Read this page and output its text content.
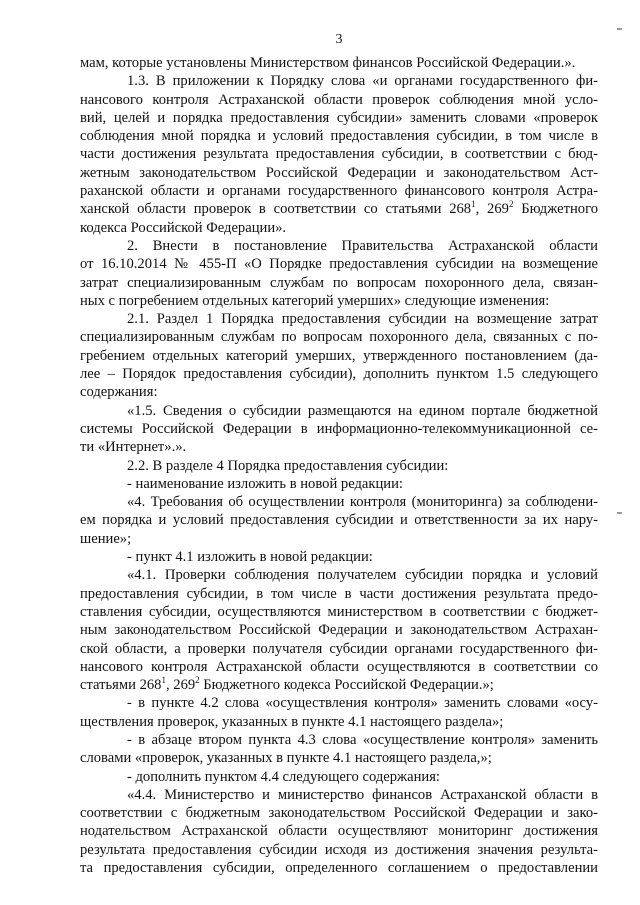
3
мам, которые установлены Министерством финансов Российской Федерации.».
1.3. В приложении к Порядку слова «и органами государственного фи-
нансового контроля Астраханской области проверок соблюдения мной усло-
вий, целей и порядка предоставления субсидии» заменить словами «проверок
соблюдения мной порядка и условий предоставления субсидии, в том числе в
части достижения результата предоставления субсидии, в соответствии с бюд-
жетным законодательством Российской Федерации и законодательством Аст-
раханской области и органами государственного финансового контроля Астра-
ханской области проверок в соответствии со статьями $268^1$, $269^2$ Бюджетного
кодекса Российской Федерации».
2. Внести в постановление Правительства Астраханской области
от 16.10.2014 № 455-П «О Порядке предоставления субсидии на возмещение
затрат специализированным службам по вопросам похоронного дела, связан-
ных с погребением отдельных категорий умерших» следующие изменения:
2.1. Раздел 1 Порядка предоставления субсидии на возмещение затрат
специализированным службам по вопросам похоронного дела, связанных с по-
гребением отдельных категорий умерших, утвержденного постановлением (да-
лее – Порядок предоставления субсидии), дополнить пунктом 1.5 следующего
содержания:
«1.5. Сведения о субсидии размещаются на едином портале бюджетной
системы Российской Федерации в информационно-телекоммуникационной се-
ти «Интернет».».
2.2. В разделе 4 Порядка предоставления субсидии:
- наименование изложить в новой редакции:
«4. Требования об осуществлении контроля (мониторинга) за соблюдени-
ем порядка и условий предоставления субсидии и ответственности за их нару-
шение»;
- пункт 4.1 изложить в новой редакции:
«4.1. Проверки соблюдения получателем субсидии порядка и условий
предоставления субсидии, в том числе в части достижения результата предо-
ставления субсидии, осуществляются министерством в соответствии с бюджет-
ным законодательством Российской Федерации и законодательством Астрахан-
ской области, а проверки получателя субсидии органами государственного фи-
нансового контроля Астраханской области осуществляются в соответствии со
статьями $268^1$, $269^2$ Бюджетного кодекса Российской Федерации.»;
- в пункте 4.2 слова «осуществления контроля» заменить словами «осу-
ществления проверок, указанных в пункте 4.1 настоящего раздела»;
- в абзаце втором пункта 4.3 слова «осуществление контроля» заменить
словами «проверок, указанных в пункте 4.1 настоящего раздела,»;
- дополнить пунктом 4.4 следующего содержания:
«4.4. Министерство и министерство финансов Астраханской области в
соответствии с бюджетным законодательством Российской Федерации и зако-
нодательством Астраханской области осуществляют мониторинг достижения
результата предоставления субсидии исходя из достижения значения результа-
та предоставления субсидии, определенного соглашением о предоставлении
